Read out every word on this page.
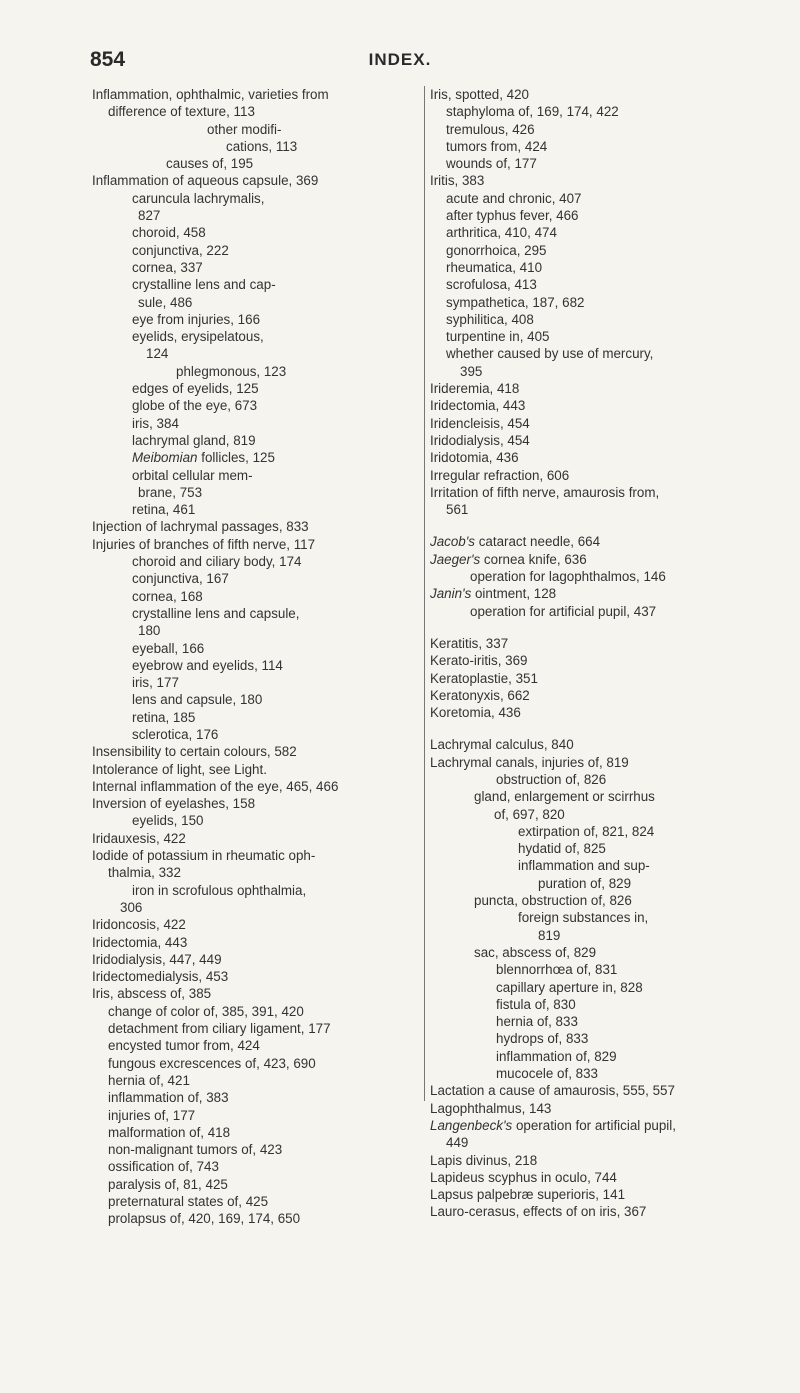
854	INDEX.
Inflammation, ophthalmic, varieties from
difference of texture, 113
other modifi-
cations, 113
causes of, 195
Inflammation of aqueous capsule, 369
caruncula lachrymalis,
827
choroid, 458
conjunctiva, 222
cornea, 337
crystalline lens and cap-
sule, 486
eye from injuries, 166
eyelids, erysipelatous,
124
phlegmonous, 123
edges of eyelids, 125
globe of the eye, 673
iris, 384
lachrymal gland, 819
Meibomian follicles, 125
orbital cellular mem-
brane, 753
retina, 461
Injection of lachrymal passages, 833
Injuries of branches of fifth nerve, 117
choroid and ciliary body, 174
conjunctiva, 167
cornea, 168
crystalline lens and capsule,
180
eyeball, 166
eyebrow and eyelids, 114
iris, 177
lens and capsule, 180
retina, 185
sclerotica, 176
Insensibility to certain colours, 582
Intolerance of light, see Light.
Internal inflammation of the eye, 465, 466
Inversion of eyelashes, 158
eyelids, 150
Iridauxesis, 422
Iodide of potassium in rheumatic oph-
thalmia, 332
iron in scrofulous ophthalmia,
306
Iridoncosis, 422
Iridectomia, 443
Iridodialysis, 447, 449
Iridectomedialysis, 453
Iris, abscess of, 385
change of color of, 385, 391, 420
detachment from ciliary ligament, 177
encysted tumor from, 424
fungous excrescences of, 423, 690
hernia of, 421
inflammation of, 383
injuries of, 177
malformation of, 418
non-malignant tumors of, 423
ossification of, 743
paralysis of, 81, 425
preternatural states of, 425
prolapsus of, 420, 169, 174, 650
Iris, spotted, 420
staphyloma of, 169, 174, 422
tremulous, 426
tumors from, 424
wounds of, 177
Iritis, 383
acute and chronic, 407
after typhus fever, 466
arthritica, 410, 474
gonorrhoica, 295
rheumatica, 410
scrofulosa, 413
sympathetica, 187, 682
syphilitica, 408
turpentine in, 405
whether caused by use of mercury,
395
Irideremia, 418
Iridectomia, 443
Iridencleisis, 454
Iridodialysis, 454
Iridotomia, 436
Irregular refraction, 606
Irritation of fifth nerve, amaurosis from,
561
Jacob's cataract needle, 664
Jaeger's cornea knife, 636
operation for lagophthalmos, 146
Janin's ointment, 128
operation for artificial pupil, 437
Keratitis, 337
Kerato-iritis, 369
Keratoplastie, 351
Keratonyxis, 662
Koretomia, 436
Lachrymal calculus, 840
Lachrymal canals, injuries of, 819
obstruction of, 826
gland, enlargement or scirrhus
of, 697, 820
extirpation of, 821, 824
hydatid of, 825
inflammation and sup-
puration of, 829
puncta, obstruction of, 826
foreign substances in,
819
sac, abscess of, 829
blennorrhœa of, 831
capillary aperture in, 828
fistula of, 830
hernia of, 833
hydrops of, 833
inflammation of, 829
mucocele of, 833
Lactation a cause of amaurosis, 555, 557
Lagophthalmus, 143
Langenbeck's operation for artificial pupil,
449
Lapis divinus, 218
Lapideus scyphus in oculo, 744
Lapsus palpebræ superioris, 141
Lauro-cerasus, effects of on iris, 367
